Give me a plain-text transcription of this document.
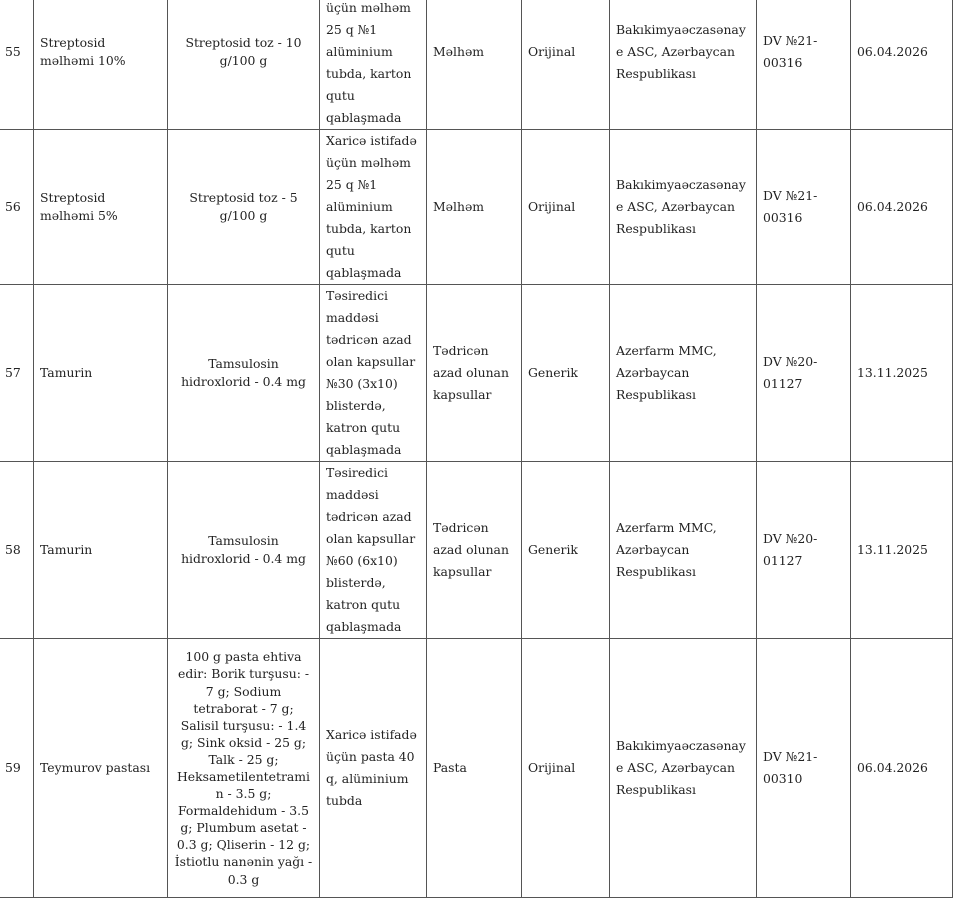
55	Streptosid məlhəmi 10%	Streptosid toz - 10 g/100 g	üçün məlhəm 25 q №1 alüminium tubda, karton qutu qablaşmada	Məlhəm	Orijinal	Bakıkimyaəczasənaye ASC, Azərbaycan Respublikası	DV №21-00316	06.04.2026
56	Streptosid məlhəmi 5%	Streptosid toz - 5 g/100 g	Xaricə istifadə üçün məlhəm 25 q №1 alüminium tubda, karton qutu qablaşmada	Məlhəm	Orijinal	Bakıkimyaəczasənaye ASC, Azərbaycan Respublikası	DV №21-00316	06.04.2026
57	Tamurin	Tamsulosin hidroxlorid - 0.4 mg	Təsiredici maddəsi tədricən azad olan kapsullar №30 (3x10) blisterdə, katron qutu qablaşmada	Tədricən azad olunan kapsullar	Generik	Azerfarm MMC, Azərbaycan Respublikası	DV №20-01127	13.11.2025
58	Tamurin	Tamsulosin hidroxlorid - 0.4 mg	Təsiredici maddəsi tədricən azad olan kapsullar №60 (6x10) blisterdə, katron qutu qablaşmada	Tədricən azad olunan kapsullar	Generik	Azerfarm MMC, Azərbaycan Respublikası	DV №20-01127	13.11.2025
59	Teymurov pastası	100 g pasta ehtiva edir: Borik turşusu: - 7 g; Sodium tetraborat - 7 g; Salisil turşusu: - 1.4 g; Sink oksid - 25 g; Talk - 25 g; Heksametilentetramin - 3.5 g; Formaldehidum - 3.5 g; Plumbum asetat - 0.3 g; Qliserin - 12 g; İstiotlu nanənin yağı - 0.3 g	Xaricə istifadə üçün pasta 40 q, alüminium tubda	Pasta	Orijinal	Bakıkimyaəczasənaye ASC, Azərbaycan Respublikası	DV №21-00310	06.04.2026
